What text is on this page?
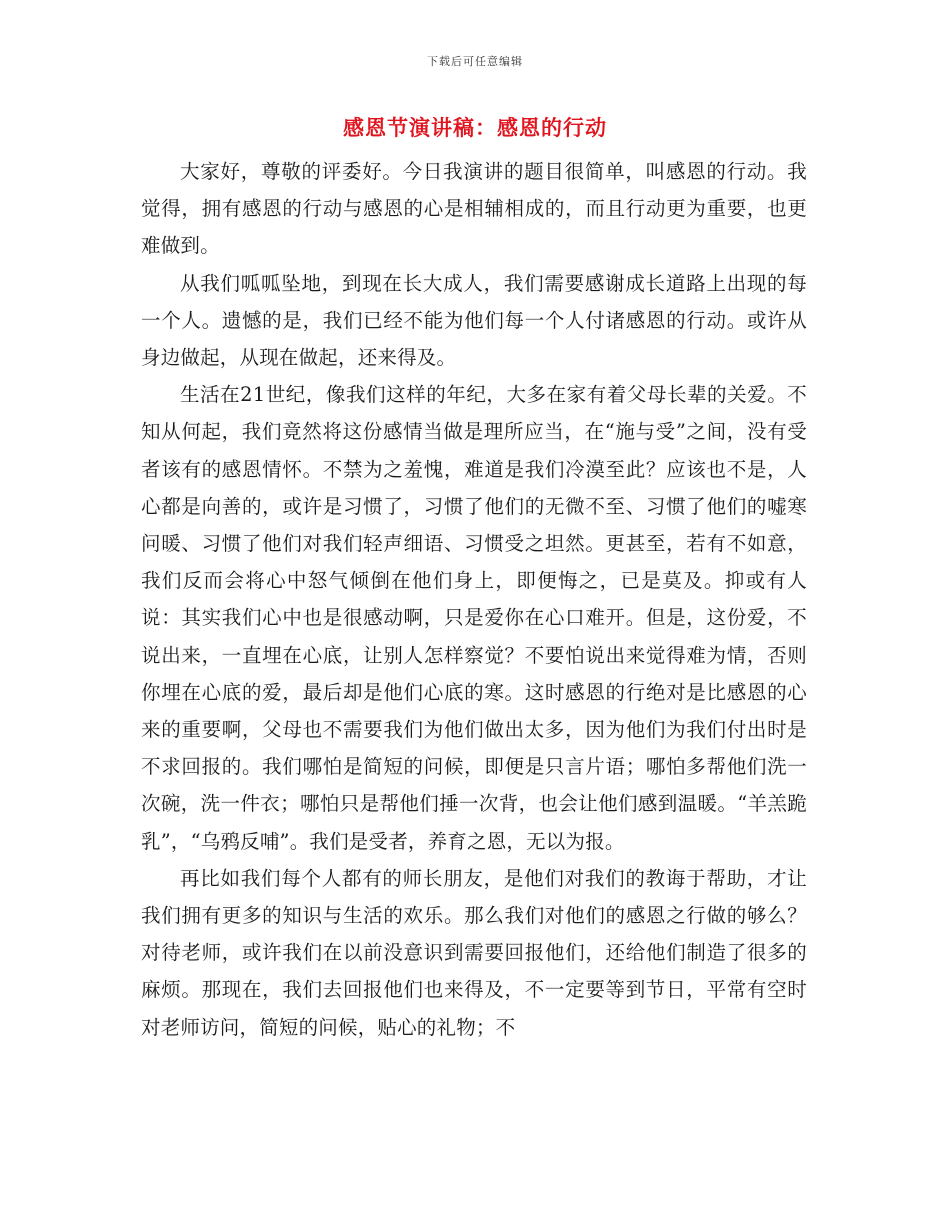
下载后可任意编辑
感恩节演讲稿：感恩的行动

大家好，尊敬的评委好。今日我演讲的题目很简单，叫感恩的行动。我觉得，拥有感恩的行动与感恩的心是相辅相成的，而且行动更为重要，也更难做到。

从我们呱呱坠地，到现在长大成人，我们需要感谢成长道路上出现的每一个人。遗憾的是，我们已经不能为他们每一个人付诸感恩的行动。或许从身边做起，从现在做起，还来得及。

生活在21世纪，像我们这样的年纪，大多在家有着父母长辈的关爱。不知从何起，我们竟然将这份感情当做是理所应当，在“施与受”之间，没有受者该有的感恩情怀。不禁为之羞愧，难道是我们冷漠至此？应该也不是，人心都是向善的，或许是习惯了，习惯了他们的无微不至、习惯了他们的嘘寒问暖、习惯了他们对我们轻声细语、习惯受之坦然。更甚至，若有不如意，我们反而会将心中怒气倾倒在他们身上，即便悔之，已是莫及。抑或有人说：其实我们心中也是很感动啊，只是爱你在心口难开。但是，这份爱，不说出来，一直埋在心底，让别人怎样察觉？不要怕说出来觉得难为情，否则你埋在心底的爱，最后却是他们心底的寒。这时感恩的行绝对是比感恩的心来的重要啊，父母也不需要我们为他们做出太多，因为他们为我们付出时是不求回报的。我们哪怕是简短的问候，即便是只言片语；哪怕多帮他们洗一次碗，洗一件衣；哪怕只是帮他们捶一次背，也会让他们感到温暖。“羊羔跪乳”，“乌鸦反哺”。我们是受者，养育之恩，无以为报。

再比如我们每个人都有的师长朋友，是他们对我们的教诲于帮助，才让我们拥有更多的知识与生活的欢乐。那么我们对他们的感恩之行做的够么？对待老师，或许我们在以前没意识到需要回报他们，还给他们制造了很多的麻烦。那现在，我们去回报他们也来得及，不一定要等到节日，平常有空时对老师访问，简短的问候，贴心的礼物；不
